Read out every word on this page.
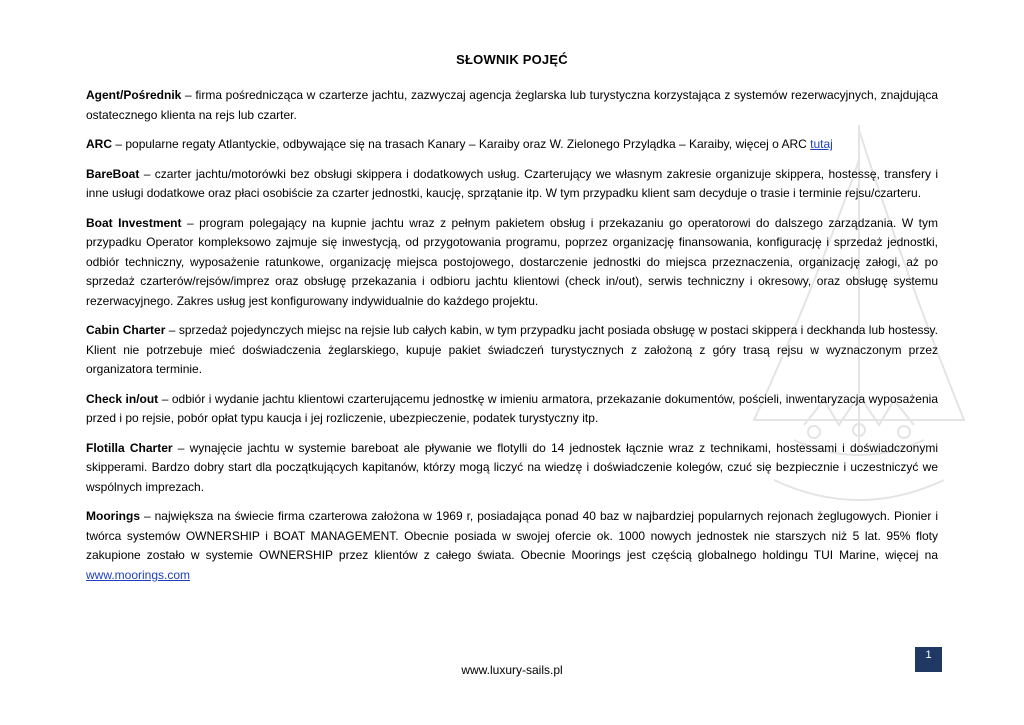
SŁOWNIK POJĘĆ

Agent/Pośrednik – firma pośrednicząca w czarterze jachtu, zazwyczaj agencja żeglarska lub turystyczna korzystająca z systemów rezerwacyjnych, znajdująca ostatecznego klienta na rejs lub czarter.

ARC – popularne regaty Atlantyckie, odbywające się na trasach Kanary – Karaiby oraz W. Zielonego Przylądka – Karaiby, więcej o ARC tutaj

BareBoat – czarter jachtu/motorówki bez obsługi skippera i dodatkowych usług. Czarterujący we własnym zakresie organizuje skippera, hostessę, transfery i inne usługi dodatkowe oraz płaci osobiście za czarter jednostki, kaucję, sprzątanie itp. W tym przypadku klient sam decyduje o trasie i terminie rejsu/czarteru.

Boat Investment – program polegający na kupnie jachtu wraz z pełnym pakietem obsług i przekazaniu go operatorowi do dalszego zarządzania. W tym przypadku Operator kompleksowo zajmuje się inwestycją, od przygotowania programu, poprzez organizację finansowania, konfigurację i sprzedaż jednostki, odbiór techniczny, wyposażenie ratunkowe, organizację miejsca postojowego, dostarczenie jednostki do miejsca przeznaczenia, organizację załogi, aż po sprzedaż czarterów/rejsów/imprez oraz obsługę przekazania i odbioru jachtu klientowi (check in/out), serwis techniczny i okresowy, oraz obsługę systemu rezerwacyjnego. Zakres usług jest konfigurowany indywidualnie do każdego projektu.

Cabin Charter – sprzedaż pojedynczych miejsc na rejsie lub całych kabin, w tym przypadku jacht posiada obsługę w postaci skippera i deckhanda lub hostessy. Klient nie potrzebuje mieć doświadczenia żeglarskiego, kupuje pakiet świadczeń turystycznych z założoną z góry trasą rejsu w wyznaczonym przez organizatora terminie.

Check in/out – odbiór i wydanie jachtu klientowi czarterującemu jednostkę w imieniu armatora, przekazanie dokumentów, pościeli, inwentaryzacja wyposażenia przed i po rejsie, pobór opłat typu kaucja i jej rozliczenie, ubezpieczenie, podatek turystyczny itp.

Flotilla Charter – wynajęcie jachtu w systemie bareboat ale pływanie we flotylli do 14 jednostek łącznie wraz z technikami, hostessami i doświadczonymi skipperami. Bardzo dobry start dla początkujących kapitanów, którzy mogą liczyć na wiedzę i doświadczenie kolegów, czuć się bezpiecznie i uczestniczyć we wspólnych imprezach.

Moorings – największa na świecie firma czarterowa założona w 1969 r, posiadająca ponad 40 baz w najbardziej popularnych rejonach żeglugowych. Pionier i twórca systemów OWNERSHIP i BOAT MANAGEMENT. Obecnie posiada w swojej ofercie ok. 1000 nowych jednostek nie starszych niż 5 lat. 95% floty zakupione zostało w systemie OWNERSHIP przez klientów z całego świata. Obecnie Moorings jest częścią globalnego holdingu TUI Marine, więcej na www.moorings.com

1
www.luxury-sails.pl
